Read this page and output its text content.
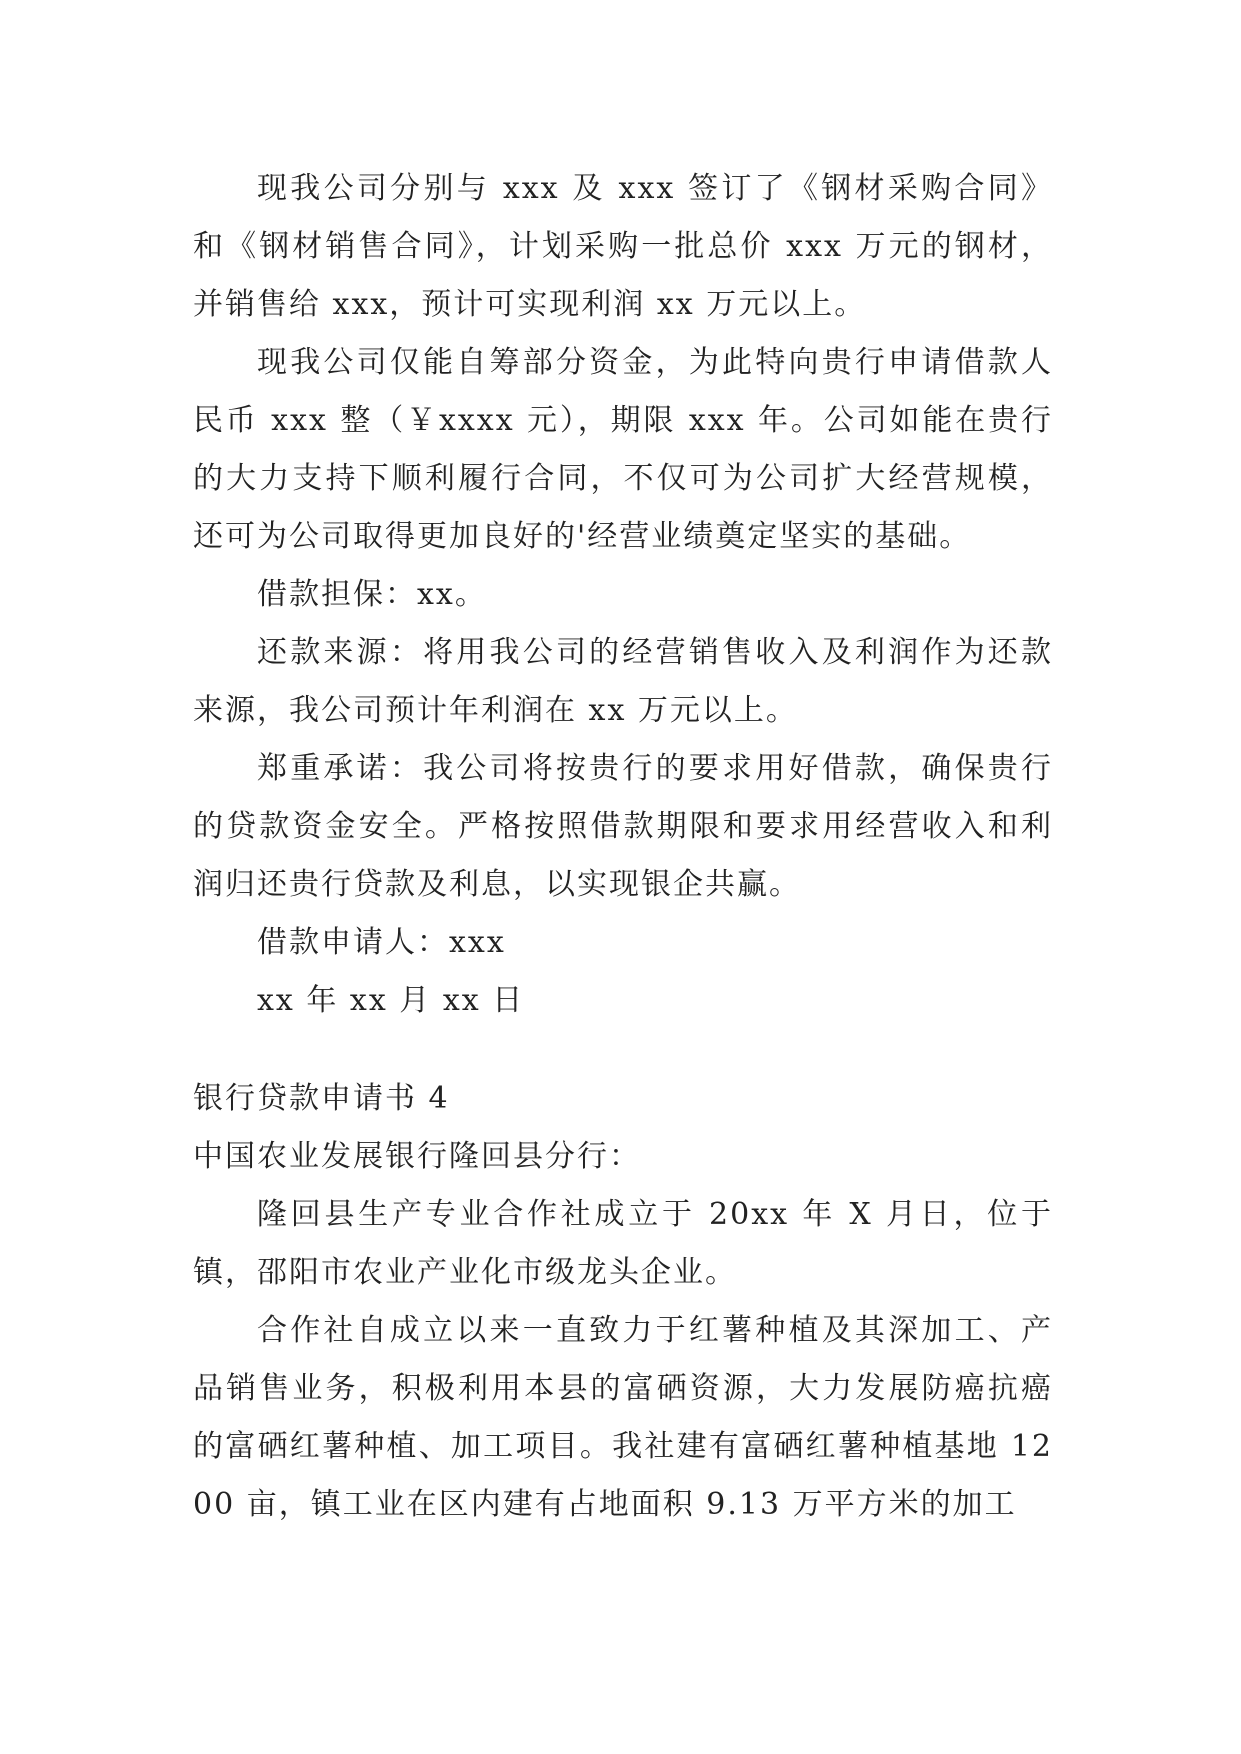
现我公司分别与 xxx 及 xxx 签订了《钢材采购合同》和《钢材销售合同》，计划采购一批总价 xxx 万元的钢材，并销售给 xxx，预计可实现利润 xx 万元以上。

现我公司仅能自筹部分资金，为此特向贵行申请借款人民币 xxx 整（￥xxxx 元），期限 xxx 年。公司如能在贵行的大力支持下顺利履行合同，不仅可为公司扩大经营规模，还可为公司取得更加良好的'经营业绩奠定坚实的基础。

借款担保：xx。

还款来源：将用我公司的经营销售收入及利润作为还款来源，我公司预计年利润在 xx 万元以上。

郑重承诺：我公司将按贵行的要求用好借款，确保贵行的贷款资金安全。严格按照借款期限和要求用经营收入和利润归还贵行贷款及利息，以实现银企共赢。

借款申请人：xxx

xx 年 xx 月 xx 日

银行贷款申请书 4

中国农业发展银行隆回县分行：

隆回县生产专业合作社成立于 20xx 年 X 月日，位于镇，邵阳市农业产业化市级龙头企业。

合作社自成立以来一直致力于红薯种植及其深加工、产品销售业务，积极利用本县的富硒资源，大力发展防癌抗癌的富硒红薯种植、加工项目。我社建有富硒红薯种植基地 1200 亩，镇工业在区内建有占地面积 9.13 万平方米的加工
